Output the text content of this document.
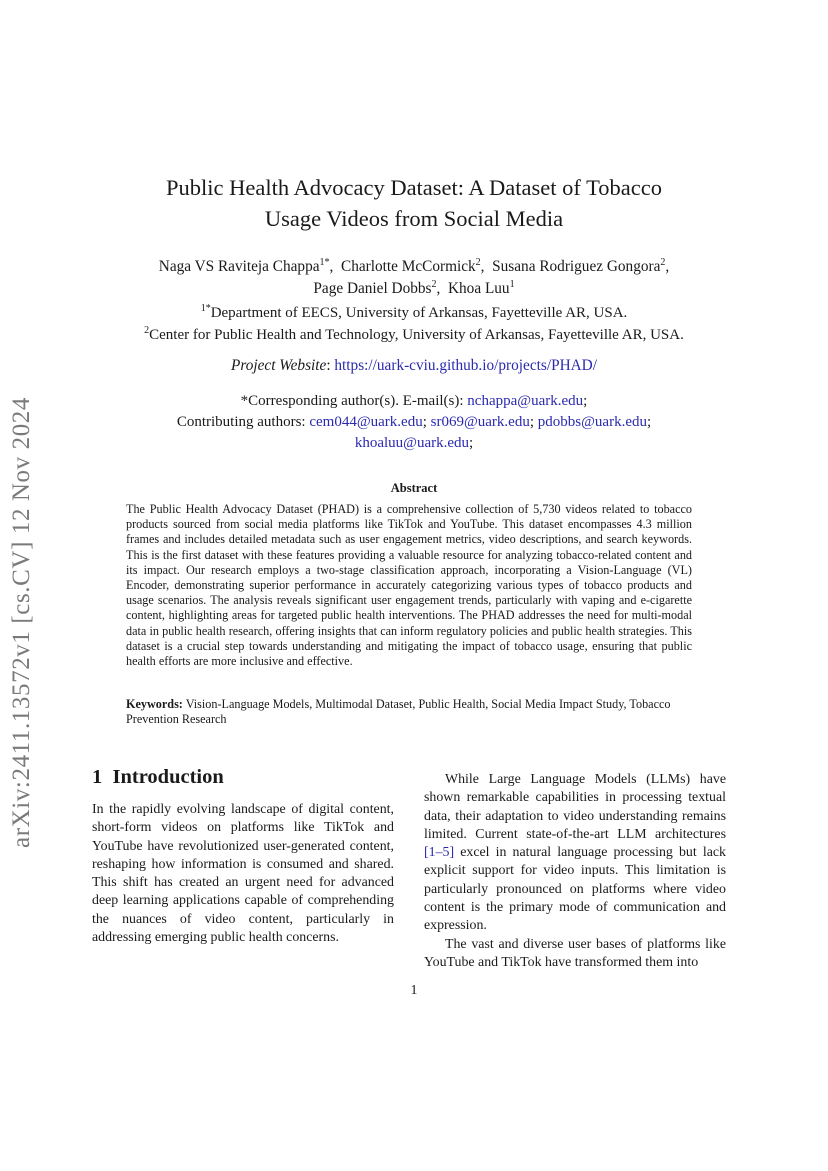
arXiv:2411.13572v1 [cs.CV] 12 Nov 2024
Public Health Advocacy Dataset: A Dataset of Tobacco
Usage Videos from Social Media
Naga VS Raviteja Chappa$^{1*}$,  Charlotte McCormick$^2$,  Susana Rodriguez Gongora$^2$,
Page Daniel Dobbs$^2$,  Khoa Luu$^1$
$^{1*}$Department of EECS, University of Arkansas, Fayetteville AR, USA.
$^2$Center for Public Health and Technology, University of Arkansas, Fayetteville AR, USA.
Project Website: https://uark-cviu.github.io/projects/PHAD/
*Corresponding author(s). E-mail(s): nchappa@uark.edu;
Contributing authors: cem044@uark.edu; sr069@uark.edu; pdobbs@uark.edu;
khoaluu@uark.edu;
Abstract
The Public Health Advocacy Dataset (PHAD) is a comprehensive collection of 5,730 videos related to tobacco products sourced from social media platforms like TikTok and YouTube. This dataset encompasses 4.3 million frames and includes detailed metadata such as user engagement metrics, video descriptions, and search keywords. This is the first dataset with these features providing a valuable resource for analyzing tobacco-related content and its impact. Our research employs a two-stage classification approach, incorporating a Vision-Language (VL) Encoder, demonstrating superior performance in accurately categorizing various types of tobacco products and usage scenarios. The analysis reveals significant user engagement trends, particularly with vaping and e-cigarette content, highlighting areas for targeted public health interventions. The PHAD addresses the need for multi-modal data in public health research, offering insights that can inform regulatory policies and public health strategies. This dataset is a crucial step towards understanding and mitigating the impact of tobacco usage, ensuring that public health efforts are more inclusive and effective.
Keywords: Vision-Language Models, Multimodal Dataset, Public Health, Social Media Impact Study, Tobacco Prevention Research
1 Introduction

In the rapidly evolving landscape of digital content, short-form videos on platforms like TikTok and YouTube have revolutionized user-generated content, reshaping how information is consumed and shared. This shift has created an urgent need for advanced deep learning applications capable of comprehending the nuances of video content, particularly in addressing emerging public health concerns.

While Large Language Models (LLMs) have shown remarkable capabilities in processing textual data, their adaptation to video understanding remains limited. Current state-of-the-art LLM architectures [1–5] excel in natural language processing but lack explicit support for video inputs. This limitation is particularly pronounced on platforms where video content is the primary mode of communication and expression.

The vast and diverse user bases of platforms like YouTube and TikTok have transformed them into

1
